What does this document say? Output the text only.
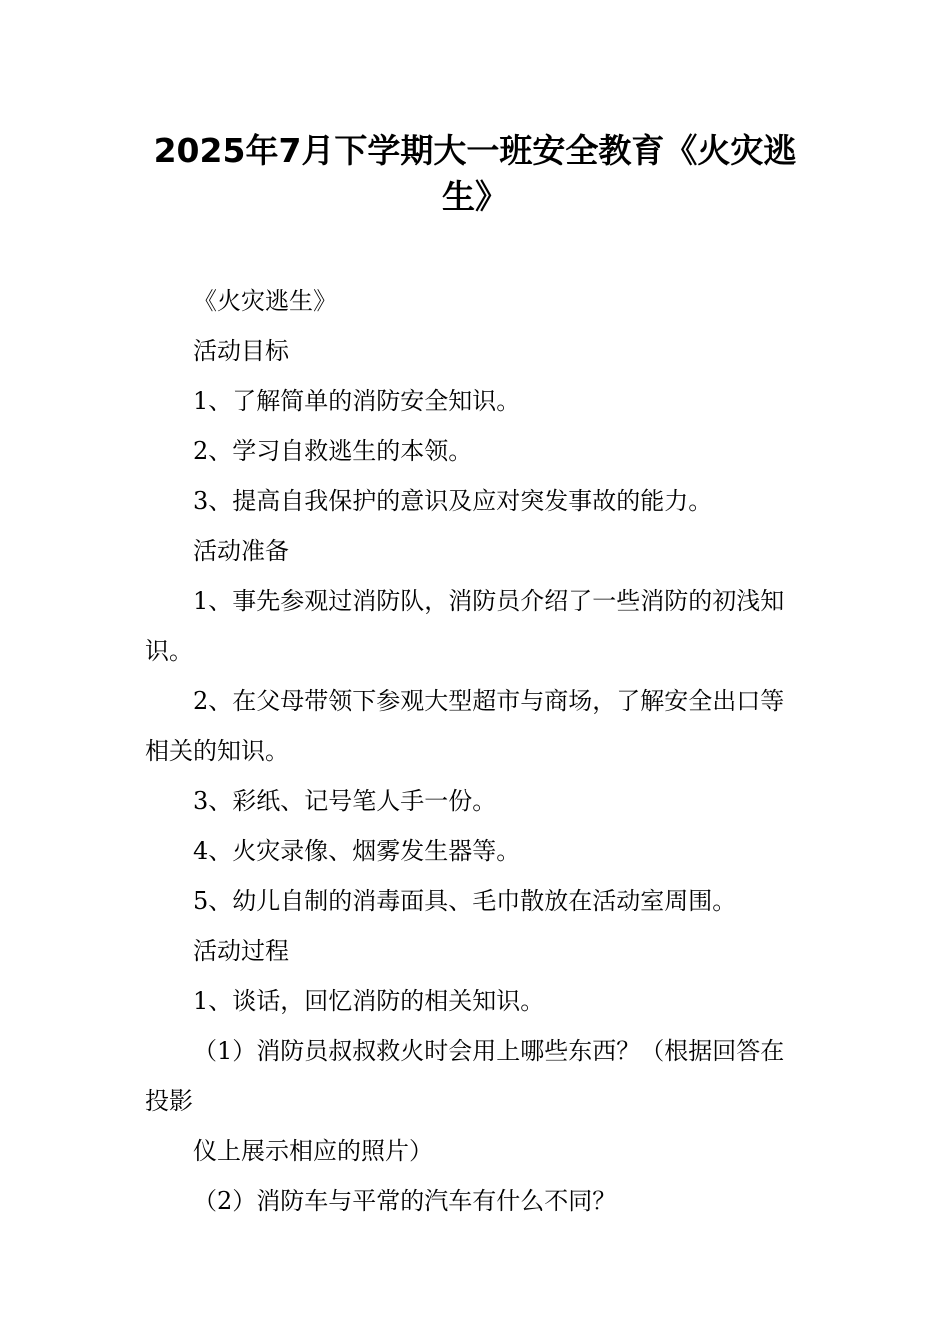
2025年7月下学期大一班安全教育《火灾逃生》

《火灾逃生》

活动目标

1、了解简单的消防安全知识。

2、学习自救逃生的本领。

3、提高自我保护的意识及应对突发事故的能力。

活动准备

1、事先参观过消防队，消防员介绍了一些消防的初浅知识。

2、在父母带领下参观大型超市与商场，了解安全出口等相关的知识。

3、彩纸、记号笔人手一份。

4、火灾录像、烟雾发生器等。

5、幼儿自制的消毒面具、毛巾散放在活动室周围。

活动过程

1、谈话，回忆消防的相关知识。

（1）消防员叔叔救火时会用上哪些东西？（根据回答在投影

仪上展示相应的照片）

（2）消防车与平常的汽车有什么不同？
